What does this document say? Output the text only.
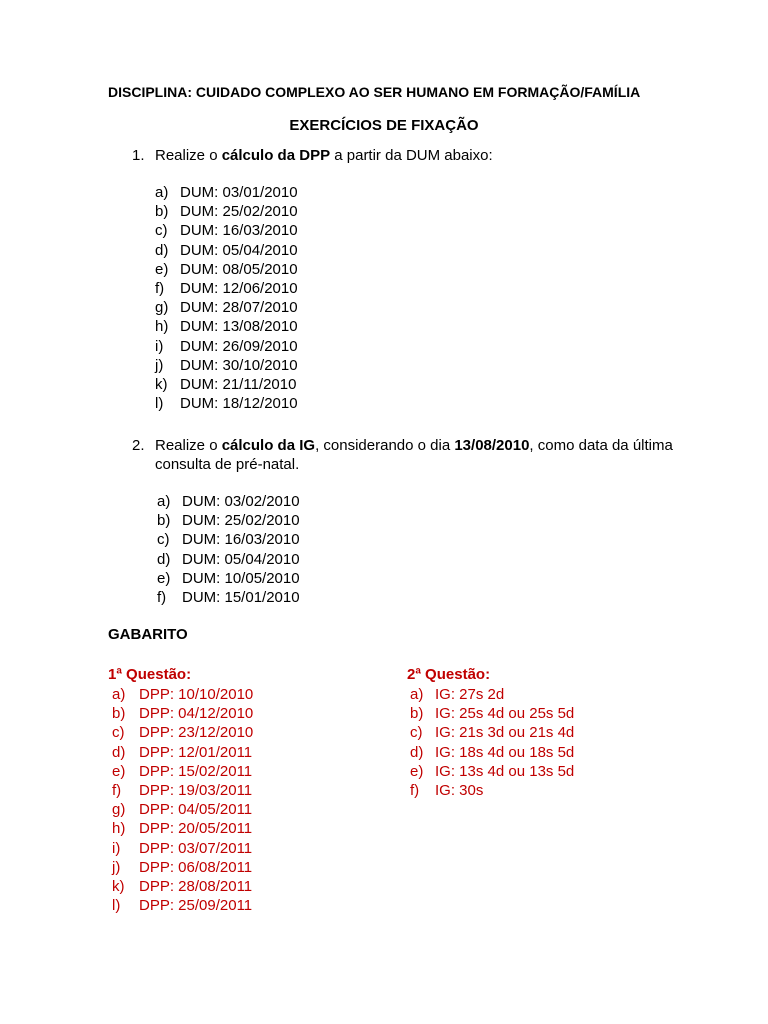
DISCIPLINA: CUIDADO COMPLEXO AO SER HUMANO EM FORMAÇÃO/FAMÍLIA
EXERCÍCIOS DE FIXAÇÃO
1. Realize o cálculo da DPP a partir da DUM abaixo:
a) DUM: 03/01/2010
b) DUM: 25/02/2010
c) DUM: 16/03/2010
d) DUM: 05/04/2010
e) DUM: 08/05/2010
f) DUM: 12/06/2010
g) DUM: 28/07/2010
h) DUM: 13/08/2010
i) DUM: 26/09/2010
j) DUM: 30/10/2010
k) DUM: 21/11/2010
l) DUM: 18/12/2010
2. Realize o cálculo da IG, considerando o dia 13/08/2010, como data da última consulta de pré-natal.
a) DUM: 03/02/2010
b) DUM: 25/02/2010
c) DUM: 16/03/2010
d) DUM: 05/04/2010
e) DUM: 10/05/2010
f) DUM: 15/01/2010
GABARITO
1ª Questão:
a) DPP: 10/10/2010
b) DPP: 04/12/2010
c) DPP: 23/12/2010
d) DPP: 12/01/2011
e) DPP: 15/02/2011
f) DPP: 19/03/2011
g) DPP: 04/05/2011
h) DPP: 20/05/2011
i) DPP: 03/07/2011
j) DPP: 06/08/2011
k) DPP: 28/08/2011
l) DPP: 25/09/2011
2ª Questão:
a) IG: 27s 2d
b) IG: 25s 4d ou 25s 5d
c) IG: 21s 3d ou 21s 4d
d) IG: 18s 4d ou 18s 5d
e) IG: 13s 4d ou 13s 5d
f) IG: 30s
